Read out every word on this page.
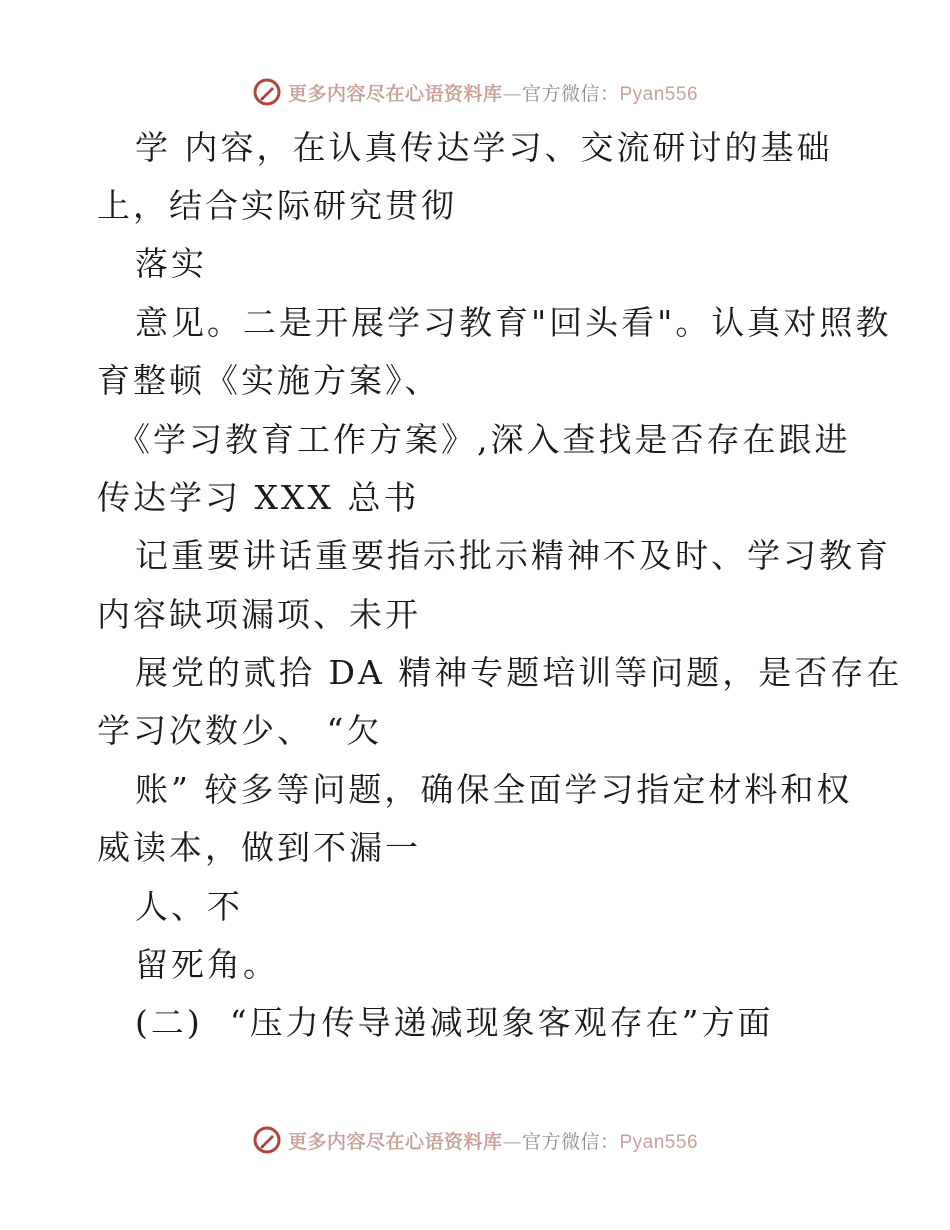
更多内容尽在心语资料库—官方微信：Pyan556
学 内容，在认真传达学习、交流研讨的基础
上，结合实际研究贯彻
落实
意见。二是开展学习教育"回头看"。认真对照教
育整顿《实施方案》、
《学习教育工作方案》,深入查找是否存在跟进
传达学习 XXX 总书
记重要讲话重要指示批示精神不及时、学习教育
内容缺项漏项、未开
展党的贰拾 DA 精神专题培训等问题，是否存在
学习次数少、 “欠
账” 较多等问题，确保全面学习指定材料和权
威读本，做到不漏一
人、不
留死角。
(二)  “压力传导递减现象客观存在”方面
更多内容尽在心语资料库—官方微信：Pyan556
